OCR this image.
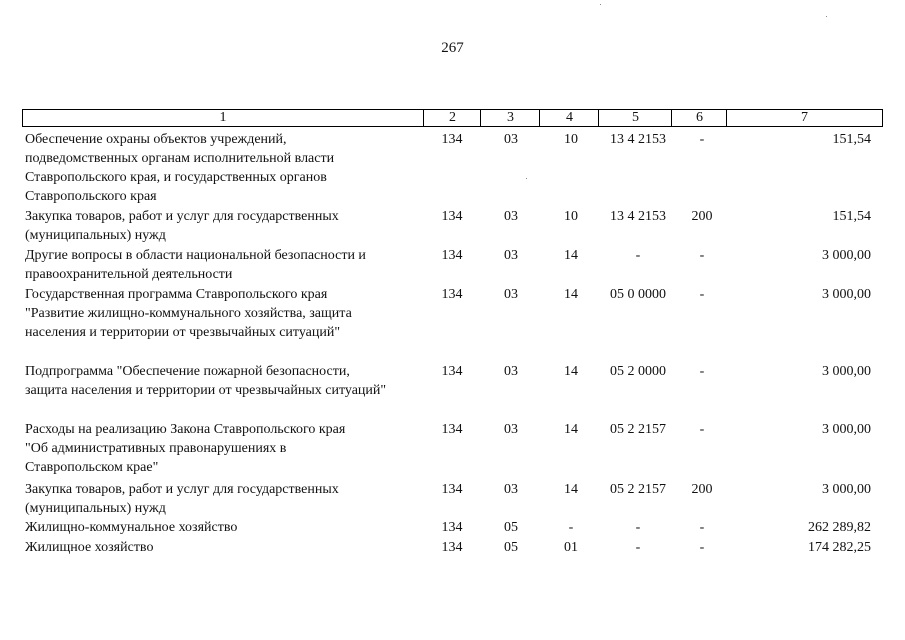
267
1	2	3	4	5	6	7
Обеспечение охраны объектов учреждений,
подведомственных органам исполнительной власти
Ставропольского края, и государственных органов
Ставропольского края
134	03	10	13 4 2153	-	151,54
Закупка товаров, работ и услуг для государственных
(муниципальных) нужд
134	03	10	13 4 2153	200	151,54
Другие вопросы в области национальной безопасности и
правоохранительной деятельности
134	03	14	-	-	3 000,00
Государственная программа Ставропольского края
"Развитие жилищно-коммунального хозяйства, защита
населения и территории от чрезвычайных ситуаций"
134	03	14	05 0 0000	-	3 000,00
Подпрограмма "Обеспечение пожарной безопасности,
защита населения и территории от чрезвычайных ситуаций"
134	03	14	05 2 0000	-	3 000,00
Расходы на реализацию Закона Ставропольского края
"Об административных правонарушениях в
Ставропольском крае"
134	03	14	05 2 2157	-	3 000,00
Закупка товаров, работ и услуг для государственных
(муниципальных) нужд
134	03	14	05 2 2157	200	3 000,00
Жилищно-коммунальное хозяйство	134	05	-	-	-	262 289,82
Жилищное хозяйство	134	05	01	-	-	174 282,25
